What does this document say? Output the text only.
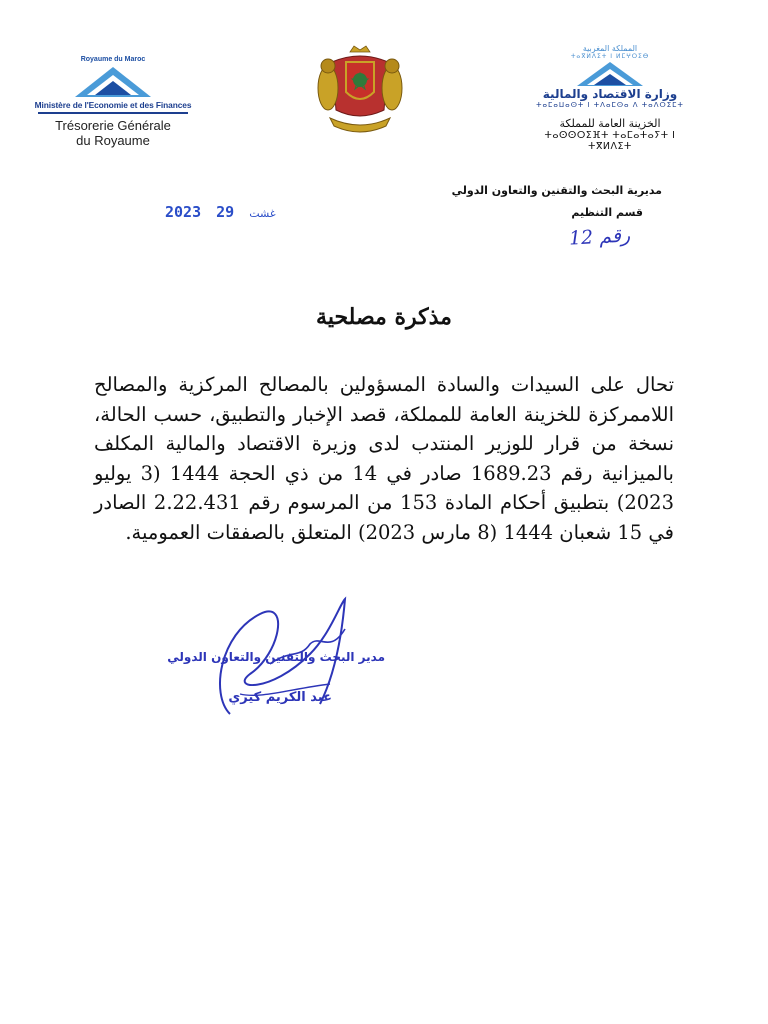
Royaume du Maroc
Ministère de l'Economie et des Finances
Trésorerie Générale
du Royaume
المملكة المغربية
ⵜⴰⴳⵍⴷⵉⵜ ⵏ ⵍⵎⵖⵔⵉⴱ
وزارة الاقتصاد والمالية
ⵜⴰⵎⴰⵡⴰⵙⵜ ⵏ ⵜⴷⴰⵎⵙⴰ ⴷ ⵜⴰⴷⵔⵉⵎⵜ
الخزينة العامة للمملكة
ⵜⴰⵙⵙⵔⵉⴼⵜ ⵜⴰⵎⴰⵜⴰⵢⵜ ⵏ ⵜⴳⵍⴷⵉⵜ
مديرية البحث والتقنين والتعاون الدولي
قسم التنظيم
رقم 12
2023	غشت 29
مذكرة مصلحية
تحال على السيدات والسادة المسؤولين بالمصالح المركزية والمصالح اللاممركزة للخزينة العامة للمملكة، قصد الإخبار والتطبيق، حسب الحالة، نسخة من قرار للوزير المنتدب لدى وزيرة الاقتصاد والمالية المكلف بالميزانية رقم 1689.23 صادر في 14 من ذي الحجة 1444 (3 يوليو 2023) بتطبيق أحكام المادة 153 من المرسوم رقم 2.22.431 الصادر في 15 شعبان 1444 (8 مارس 2023) المتعلق بالصفقات العمومية.
مدير البحث والتقنين والتعاون الدولي
عبد الكريم كيري
